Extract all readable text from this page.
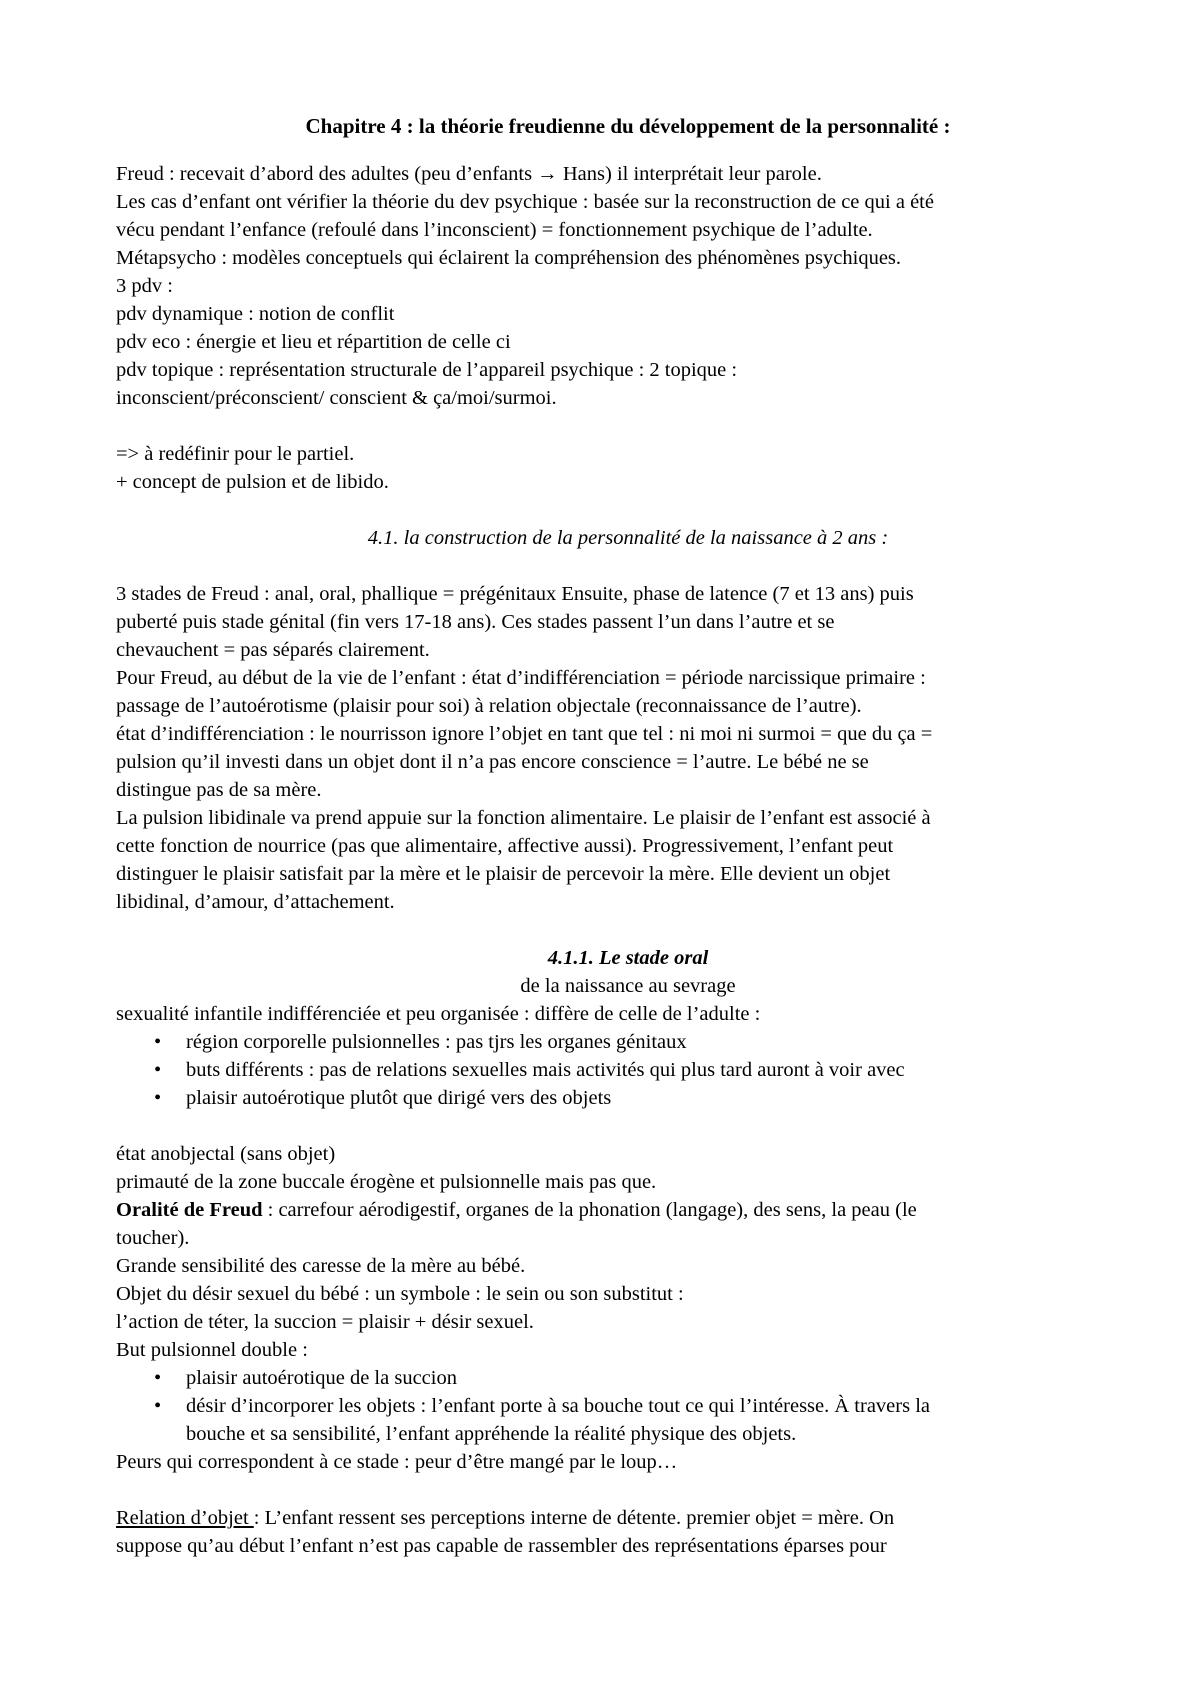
Chapitre 4 : la théorie freudienne du développement de la personnalité :
Freud : recevait d’abord des adultes (peu d’enfants → Hans) il interprétait leur parole.
Les cas d’enfant ont vérifier la théorie du dev psychique : basée sur la reconstruction de ce qui a été
vécu pendant l’enfance (refoulé dans l’inconscient) = fonctionnement psychique de l’adulte.
Métapsycho : modèles conceptuels qui éclairent la compréhension des phénomènes psychiques.
3 pdv :
pdv dynamique : notion de conflit
pdv eco : énergie et lieu et répartition de celle ci
pdv topique : représentation structurale de l’appareil psychique : 2 topique :
inconscient/préconscient/ conscient & ça/moi/surmoi.
=> à redéfinir pour le partiel.
+ concept de pulsion et de libido.
4.1. la construction de la personnalité de la naissance à 2 ans :
3 stades de Freud : anal, oral, phallique = prégénitaux Ensuite, phase de latence (7 et 13 ans) puis
puberté puis stade génital (fin vers 17-18 ans). Ces stades passent l’un dans l’autre et se
chevauchent = pas séparés clairement.
Pour Freud, au début de la vie de l’enfant : état d’indifférenciation = période narcissique primaire :
passage de l’autoérotisme (plaisir pour soi) à relation objectale (reconnaissance de l’autre).
état d’indifférenciation : le nourrisson ignore l’objet en tant que tel : ni moi ni surmoi = que du ça =
pulsion qu’il investi dans un objet dont il n’a pas encore conscience = l’autre. Le bébé ne se
distingue pas de sa mère.
La pulsion libidinale va prend appuie sur la fonction alimentaire. Le plaisir de l’enfant est associé à
cette fonction de nourrice (pas que alimentaire, affective aussi). Progressivement, l’enfant peut
distinguer le plaisir satisfait par la mère et le plaisir de percevoir la mère. Elle devient un objet
libidinal, d’amour, d’attachement.
4.1.1. Le stade oral
de la naissance au sevrage
sexualité infantile indifférenciée et peu organisée : diffère de celle de l’adulte :
• région corporelle pulsionnelles : pas tjrs les organes génitaux
• buts différents : pas de relations sexuelles mais activités qui plus tard auront à voir avec
• plaisir autoérotique plutôt que dirigé vers des objets
état anobjectal (sans objet)
primauté de la zone buccale érogène et pulsionnelle mais pas que.
Oralité de Freud : carrefour aérodigestif, organes de la phonation (langage), des sens, la peau (le
toucher).
Grande sensibilité des caresse de la mère au bébé.
Objet du désir sexuel du bébé : un symbole : le sein ou son substitut :
l’action de téter, la succion = plaisir + désir sexuel.
But pulsionnel double :
• plaisir autoérotique de la succion
• désir d’incorporer les objets : l’enfant porte à sa bouche tout ce qui l’intéresse. À travers la
bouche et sa sensibilité, l’enfant appréhende la réalité physique des objets.
Peurs qui correspondent à ce stade : peur d’être mangé par le loup…
Relation d’objet : L’enfant ressent ses perceptions interne de détente. premier objet = mère. On
suppose qu’au début l’enfant n’est pas capable de rassembler des représentations éparses pour
